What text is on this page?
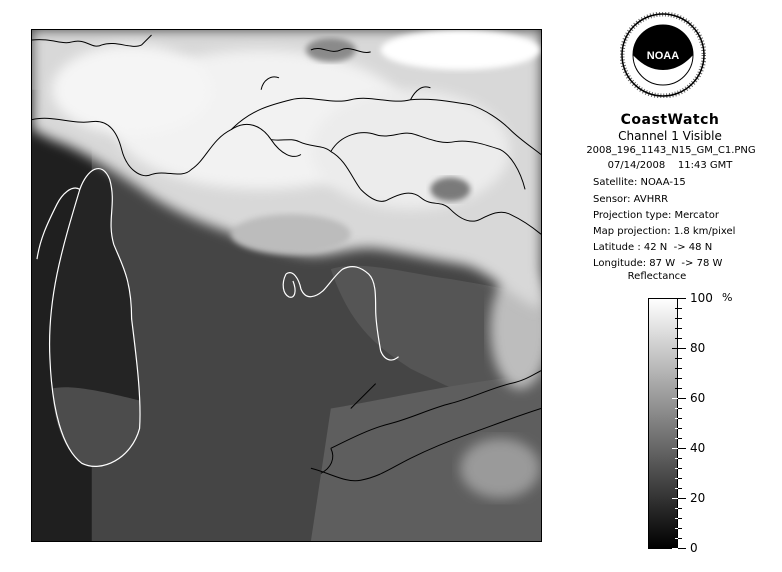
NOAA
CoastWatch
Channel 1 Visible
2008_196_1143_N15_GM_C1.PNG
07/14/2008    11:43 GMT
Satellite: NOAA-15
Sensor: AVHRR
Projection type: Mercator
Map projection: 1.8 km/pixel
Latitude : 42 N  -> 48 N
Longitude: 87 W  -> 78 W
Reflectance
%
100
80
60
40
20
0
